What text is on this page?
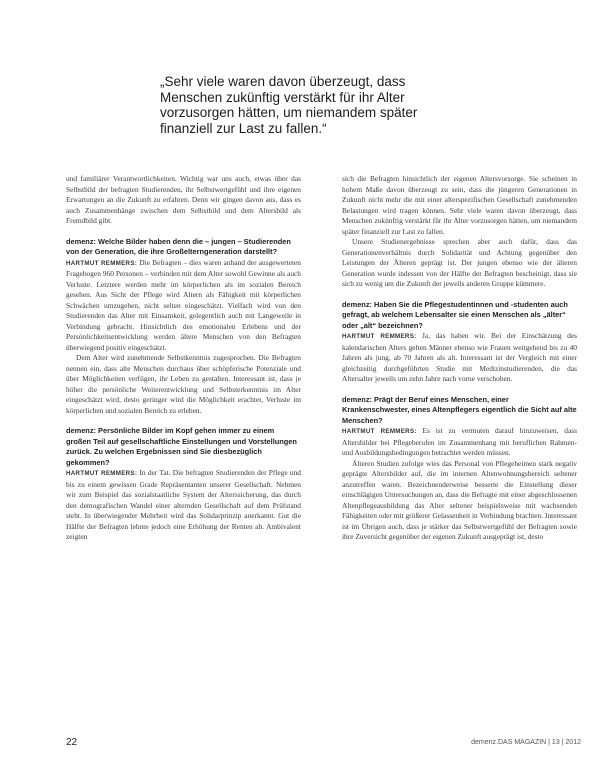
„Sehr viele waren davon überzeugt, dass Menschen zukünftig verstärkt für ihr Alter vorzusorgen hätten, um niemandem später finanziell zur Last zu fallen.“

und familiärer Verantwortlichkeiten. Wichtig war uns auch, etwas über das Selbstbild der befragten Studierenden, ihr Selbstwertgefühl und ihre eigenen Erwartungen an die Zukunft zu erfahren. Denn wir gingen davon aus, dass es auch Zusammenhänge zwischen dem Selbstbild und dem Altersbild als Fremdbild gibt.

demenz: Welche Bilder haben denn die – jungen – Studierenden von der Generation, die ihre Großelterngeneration darstellt?

HARTMUT REMMERS: Die Befragten – dies waren anhand der ausgewerteten Fragebogen 960 Personen – verbinden mit dem Alter sowohl Gewinne als auch Verluste. Letztere werden mehr im körperlichen als im sozialen Bereich gesehen. Aus Sicht der Pflege wird Altern als Fähigkeit mit körperlichen Schwächen umzugehen, nicht selten eingeschätzt. Vielfach wird von den Studierenden das Alter mit Einsamkeit, gelegentlich auch mit Langeweile in Verbindung gebracht. Hinsichtlich des emotionalen Erlebens und der Persönlichkeitsentwicklung werden ältere Menschen von den Befragten überwiegend positiv eingeschätzt.

Dem Alter wird zunehmende Selbstkenntnis zugesprochen. Die Befragten nennen ein, dass alte Menschen durchaus über schöpferische Potenziale und über Möglichkeiten verfügen, ihr Leben zu gestalten. Interessant ist, dass je höher die persönliche Weiterentwicklung und Selbsterkenntnis im Alter eingeschätzt wird, desto geringer wird die Möglichkeit erachtet, Verluste im körperlichen und sozialen Bereich zu erleben.

demenz: Persönliche Bilder im Kopf gehen immer zu einem großen Teil auf gesellschaftliche Einstellungen und Vorstellungen zurück. Zu welchen Ergebnissen sind Sie diesbezüglich gekommen?

HARTMUT REMMERS: In der Tat. Die befragten Studierenden der Pflege und bis zu einem gewissen Grade Repräsentanten unserer Gesellschaft. Nehmen wir zum Beispiel das sozialstaatliche System der Alterssicherung, das durch den demografischen Wandel einer alternden Gesellschaft auf dem Prüfstand steht. In überwiegender Mehrheit wird das Solidarprinzip anerkannt. Gut die Hälfte der Befragten lehnte jedoch eine Erhöhung der Renten ab. Ambivalent zeigten

sich die Befragten hinsichtlich der eigenen Altersvorsorge. Sie scheinen in hohem Maße davon überzeugt zu sein, dass die jüngeren Generationen in Zukunft nicht mehr die mit einer alterspezifischen Gesellschaft zunehmenden Belastungen wird tragen können. Sehr viele waren davon überzeugt, dass Menschen zukünftig verstärkt für ihr Alter vorzusorgen hätten, um niemandem später finanziell zur Last zu fallen.

Unsere Studienergebnisse sprechen aber auch dafür, dass das Generationenverhältnis durch Solidarität und Achtung gegenüber den Leistungen der Älteren geprägt ist. Der jungen ebenso wie der älteren Generation wurde indessen von der Hälfte der Befragten bescheinigt, dass sie sich zu wenig um die Zukunft der jeweils anderen Gruppe kümmere.

demenz: Haben Sie die Pflegestudentinnen und -studenten auch gefragt, ab welchem Lebensalter sie einen Menschen als „älter“ oder „alt“ bezeichnen?

HARTMUT REMMERS: Ja, das haben wir. Bei der Einschätzung des kalendarischen Alters gelten Männer ebenso wie Frauen weitgehend bis zu 40 Jahren als jung, ab 70 Jahren als alt. Interessant ist der Vergleich mit einer gleichzeitig durchgeführten Studie mit Medizinstudierenden, die das Altersalter jeweils um zehn Jahre nach vorne verschoben.

demenz: Prägt der Beruf eines Menschen, einer Krankenschwester, eines Altenpflegers eigentlich die Sicht auf alte Menschen?

HARTMUT REMMERS: Es ist zu vermuten darauf hinzuweisen, dass Altersbilder bei Pflegeberufen im Zusammenhang mit beruflichen Rahmen- und Ausbildungsbedingungen betrachtet werden müssen.

Älteren Studien zufolge wies das Personal von Pflegeheimen stark negativ geprägte Altersbilder auf, die im internen Altenwohnungsbereich seltener anzutreffen waren. Bezeichnenderweise besserte die Einstellung dieser einschlägigen Untersuchungen an, dass die Befragte mit einer abgeschlossenen Altenpflegeausbildung das Alter seltener beispielsweise mit wachsenden Fähigkeiten oder mit größerer Gelassenheit in Verbindung brachten. Interessant ist im Übrigen auch, dass je stärker das Selbstwertgefühl der Befragten sowie ihre Zuversicht gegenüber der eigenen Zukunft ausgeprägt ist, desto

22	demenz.DAS MAGAZIN | 13 | 2012
